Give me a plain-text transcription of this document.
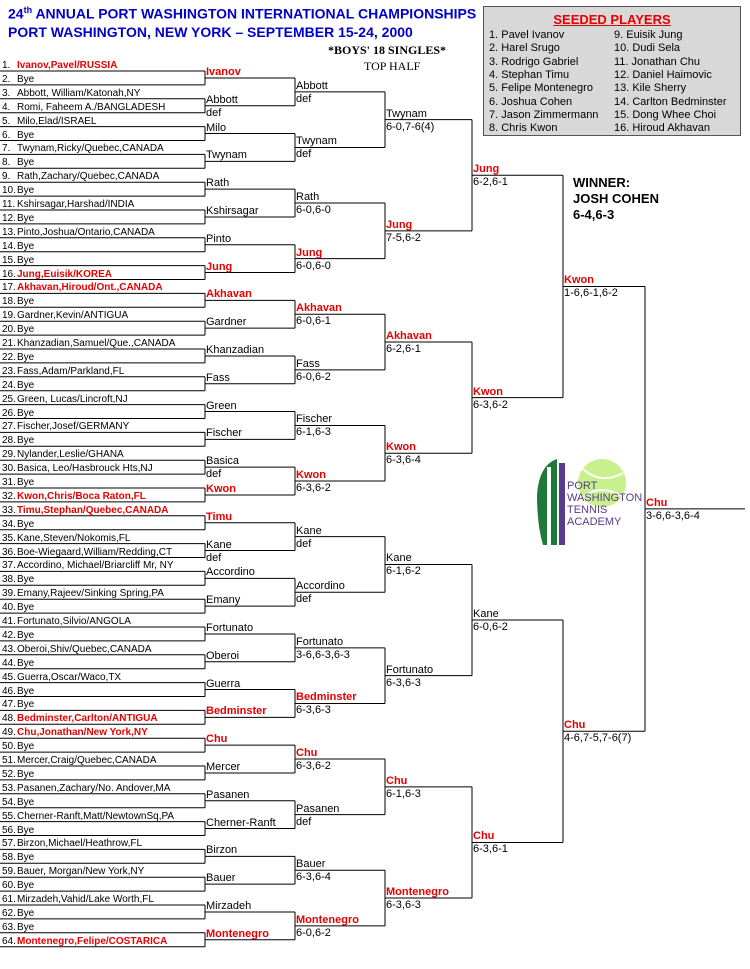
24th ANNUAL PORT WASHINGTON INTERNATIONAL CHAMPIONSHIPS
PORT WASHINGTON, NEW YORK – SEPTEMBER 15-24, 2000
*BOYS' 18 SINGLES*
TOP HALF
SEEDED PLAYERS
1. Pavel Ivanov
2. Harel Srugo
3. Rodrigo Gabriel
4. Stephan Timu
5. Felipe Montenegro
6. Joshua Cohen
7. Jason Zimmermann
8. Chris Kwon
9. Euisik Jung
10. Dudi Sela
11. Jonathan Chu
12. Daniel Haimovic
13. Kile Sherry
14. Carlton Bedminster
15. Dong Whee Choi
16. Hiroud Akhavan
WINNER:
JOSH COHEN
6-4,6-3
PORT
WASHINGTON
TENNIS
ACADEMY
1. Ivanov,Pavel/RUSSIA
2. Bye
3. Abbott, William/Katonah,NY
4. Romi, Faheem A./BANGLADESH
5. Milo,Elad/ISRAEL
6. Bye
7. Twynam,Ricky/Quebec,CANADA
8. Bye
9. Rath,Zachary/Quebec,CANADA
10. Bye
11. Kshirsagar,Harshad/INDIA
12. Bye
13. Pinto,Joshua/Ontario,CANADA
14. Bye
15. Bye
16. Jung,Euisik/KOREA
17. Akhavan,Hiroud/Ont.,CANADA
18. Bye
19. Gardner,Kevin/ANTIGUA
20. Bye
21. Khanzadian,Samuel/Que.,CANADA
22. Bye
23. Fass,Adam/Parkland,FL
24. Bye
25. Green, Lucas/Lincroft,NJ
26. Bye
27. Fischer,Josef/GERMANY
28. Bye
29. Nylander,Leslie/GHANA
30. Basica, Leo/Hasbrouck Hts,NJ
31. Bye
32. Kwon,Chris/Boca Raton,FL
33. Timu,Stephan/Quebec,CANADA
34. Bye
35. Kane,Steven/Nokomis,FL
36. Boe-Wiegaard,William/Redding,CT
37. Accordino, Michael/Briarcliff Mr, NY
38. Bye
39. Emany,Rajeev/Sinking Spring,PA
40. Bye
41. Fortunato,Silvio/ANGOLA
42. Bye
43. Oberoi,Shiv/Quebec,CANADA
44. Bye
45. Guerra,Oscar/Waco,TX
46. Bye
47. Bye
48. Bedminster,Carlton/ANTIGUA
49. Chu,Jonathan/New York,NY
50. Bye
51. Mercer,Craig/Quebec,CANADA
52. Bye
53. Pasanen,Zachary/No. Andover,MA
54. Bye
55. Cherner-Ranft,Matt/NewtownSq,PA
56. Bye
57. Birzon,Michael/Heathrow,FL
58. Bye
59. Bauer, Morgan/New York,NY
60. Bye
61. Mirzadeh,Vahid/Lake Worth,FL
62. Bye
63. Bye
64. Montenegro,Felipe/COSTARICA
Ivanov
Abbott
def
Milo
Twynam
Rath
Kshirsagar
Pinto
Jung
Akhavan
Gardner
Khanzadian
Fass
Green
Fischer
Basica
def
Kwon
Timu
Kane
def
Accordino
Emany
Fortunato
Oberoi
Guerra
Bedminster
Chu
Mercer
Pasanen
Cherner-Ranft
Birzon
Bauer
Mirzadeh
Montenegro
Abbott
def
Twynam
def
Rath
6-0,6-0
Jung
6-0,6-0
Akhavan
6-0,6-1
Fass
6-0,6-2
Fischer
6-1,6-3
Kwon
6-3,6-2
Kane
def
Accordino
def
Fortunato
3-6,6-3,6-3
Bedminster
6-3,6-3
Chu
6-3,6-2
Pasanen
def
Bauer
6-3,6-4
Montenegro
6-0,6-2
Twynam
6-0,7-6(4)
Jung
7-5,6-2
Akhavan
6-2,6-1
Kwon
6-3,6-4
Kane
6-1,6-2
Fortunato
6-3,6-3
Chu
6-1,6-3
Montenegro
6-3,6-3
Jung
6-2,6-1
Kwon
6-3,6-2
Kane
6-0,6-2
Chu
6-3,6-1
Kwon
1-6,6-1,6-2
Chu
4-6,7-5,7-6(7)
Chu
3-6,6-3,6-4
